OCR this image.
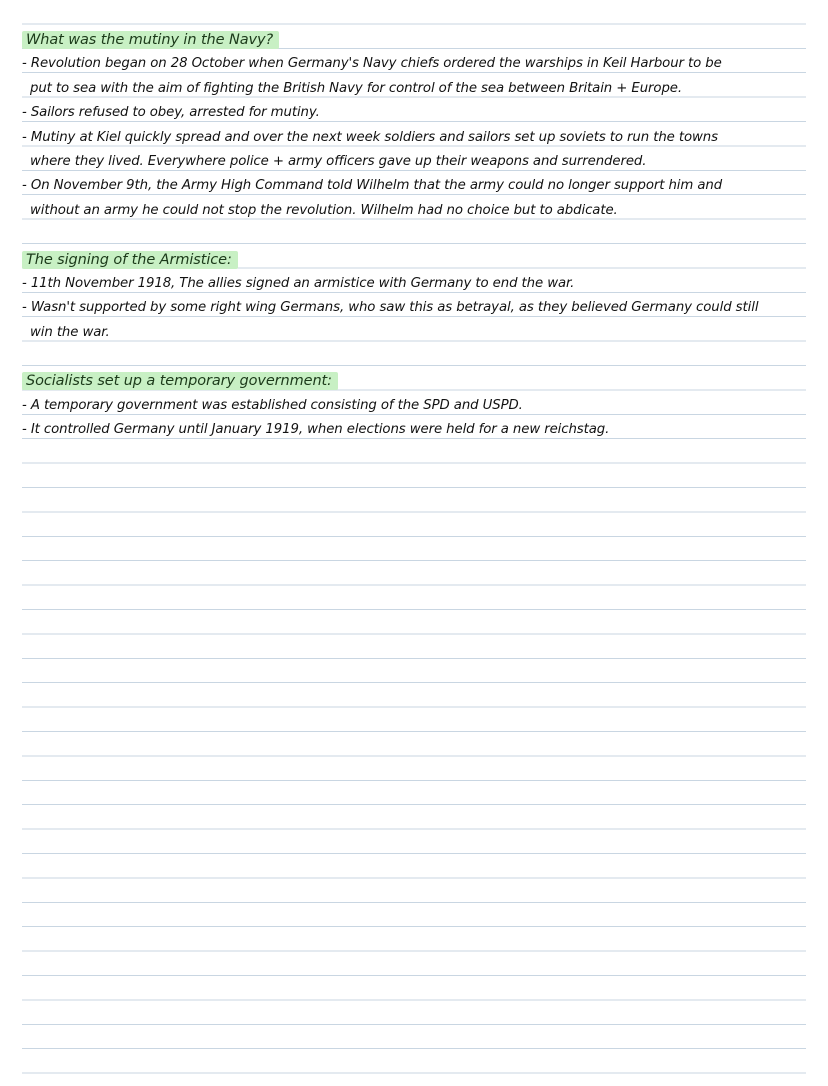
What was the mutiny in the Navy?
- Revolution began on 28 October when Germany's Navy chiefs ordered the warships in Keil Harbour to be
put to sea with the aim of fighting the British Navy for control of the sea between Britain + Europe.
- Sailors refused to obey, arrested for mutiny.
- Mutiny at Kiel quickly spread and over the next week soldiers and sailors set up soviets to run the towns
where they lived. Everywhere police + army officers gave up their weapons and surrendered.
- On November 9th, the Army High Command told Wilhelm that the army could no longer support him and
without an army he could not stop the revolution. Wilhelm had no choice but to abdicate.
The signing of the Armistice:
- 11th November 1918, The allies signed an armistice with Germany to end the war.
- Wasn't supported by some right wing Germans, who saw this as betrayal, as they believed Germany could still
win the war.
Socialists set up a temporary government:
- A temporary government was established consisting of the SPD and USPD.
- It controlled Germany until January 1919, when elections were held for a new reichstag.
